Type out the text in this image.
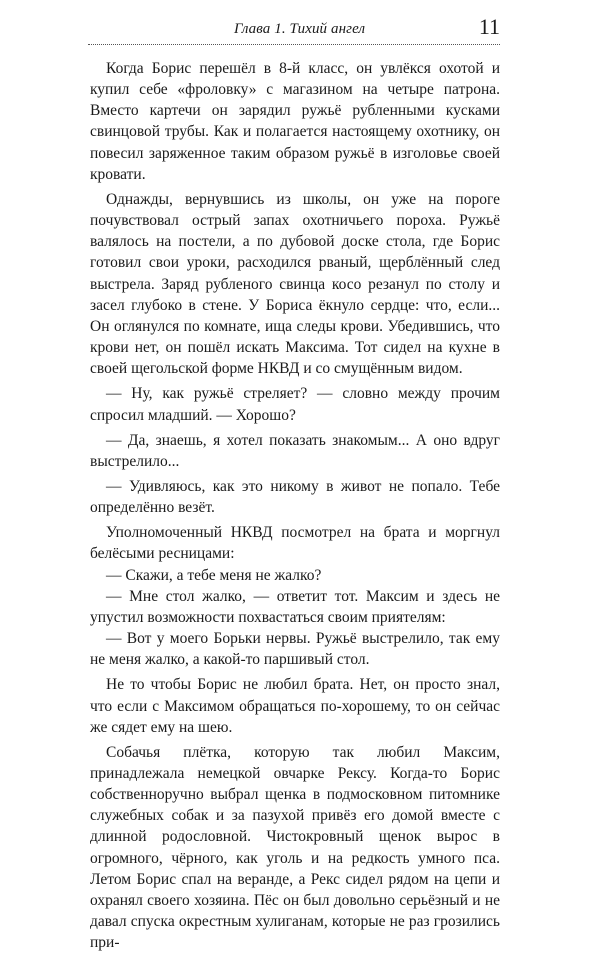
Глава 1. Тихий ангел	11

Когда Борис перешёл в 8-й класс, он увлёкся охотой и купил себе «фроловку» с магазином на четыре патрона. Вместо картечи он зарядил ружьё рубленными кусками свинцовой трубы. Как и полагается настоящему охотнику, он повесил заряженное таким образом ружьё в изголовье своей кровати.

Однажды, вернувшись из школы, он уже на пороге почувствовал острый запах охотничьего пороха. Ружьё валялось на постели, а по дубовой доске стола, где Борис готовил свои уроки, расходился рваный, щерблённый след выстрела. Заряд рубленого свинца косо резанул по столу и засел глубоко в стене. У Бориса ёкнуло сердце: что, если... Он оглянулся по комнате, ища следы крови. Убедившись, что крови нет, он пошёл искать Максима. Тот сидел на кухне в своей щегольской форме НКВД и со смущённым видом.

— Ну, как ружьё стреляет? — словно между прочим спросил младший. — Хорошо?

— Да, знаешь, я хотел показать знакомым... А оно вдруг выстрелило...

— Удивляюсь, как это никому в живот не попало. Тебе определённо везёт.

Уполномоченный НКВД посмотрел на брата и моргнул белёсыми ресницами:

— Скажи, а тебе меня не жалко?

— Мне стол жалко, — ответит тот. Максим и здесь не упустил возможности похвастаться своим приятелям:

— Вот у моего Борьки нервы. Ружьё выстрелило, так ему не меня жалко, а какой-то паршивый стол.

Не то чтобы Борис не любил брата. Нет, он просто знал, что если с Максимом обращаться по-хорошему, то он сейчас же сядет ему на шею.

Собачья плётка, которую так любил Максим, принадлежала немецкой овчарке Рексу. Когда-то Борис собственноручно выбрал щенка в подмосковном питомнике служебных собак и за пазухой привёз его домой вместе с длинной родословной. Чистокровный щенок вырос в огромного, чёрного, как уголь и на редкость умного пса. Летом Борис спал на веранде, а Рекс сидел рядом на цепи и охранял своего хозяина. Пёс он был довольно серьёзный и не давал спуска окрестным хулиганам, которые не раз грозились при-
